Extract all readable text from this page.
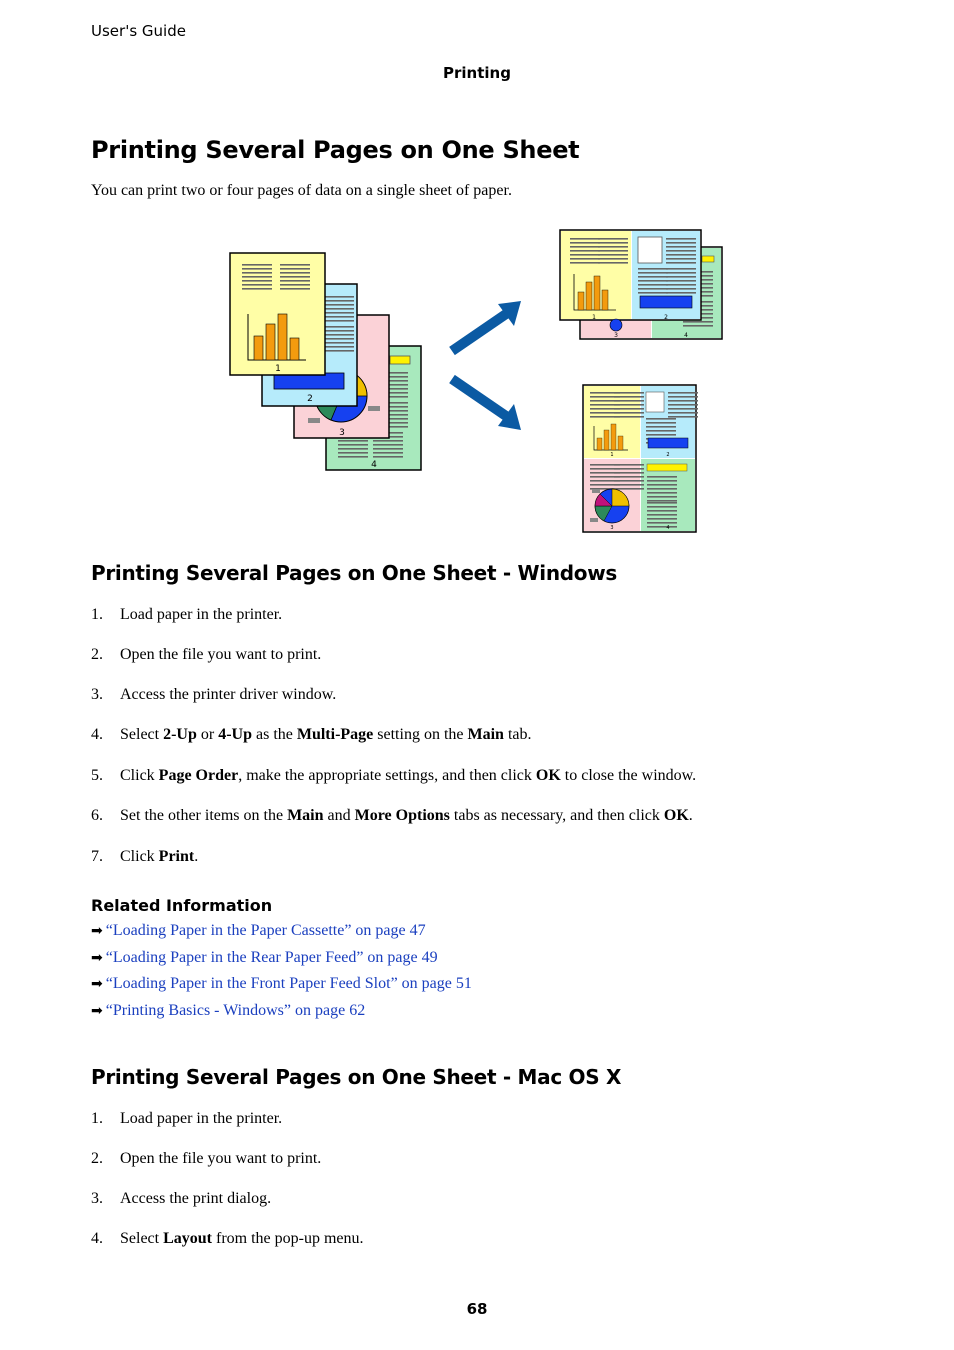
User's Guide
Printing
Printing Several Pages on One Sheet

You can print two or four pages of data on a single sheet of paper.

4
3
2
1
1	2
3	4
1	2
3	4
Printing Several Pages on One Sheet - Windows
1. Load paper in the printer.
2. Open the file you want to print.
3. Access the printer driver window.
4. Select 2-Up or 4-Up as the Multi-Page setting on the Main tab.
5. Click Page Order, make the appropriate settings, and then click OK to close the window.
6. Set the other items on the Main and More Options tabs as necessary, and then click OK.
7. Click Print.
Related Information
➡ “Loading Paper in the Paper Cassette” on page 47
➡ “Loading Paper in the Rear Paper Feed” on page 49
➡ “Loading Paper in the Front Paper Feed Slot” on page 51
➡ “Printing Basics - Windows” on page 62
Printing Several Pages on One Sheet - Mac OS X
1. Load paper in the printer.
2. Open the file you want to print.
3. Access the print dialog.
4. Select Layout from the pop-up menu.
68
